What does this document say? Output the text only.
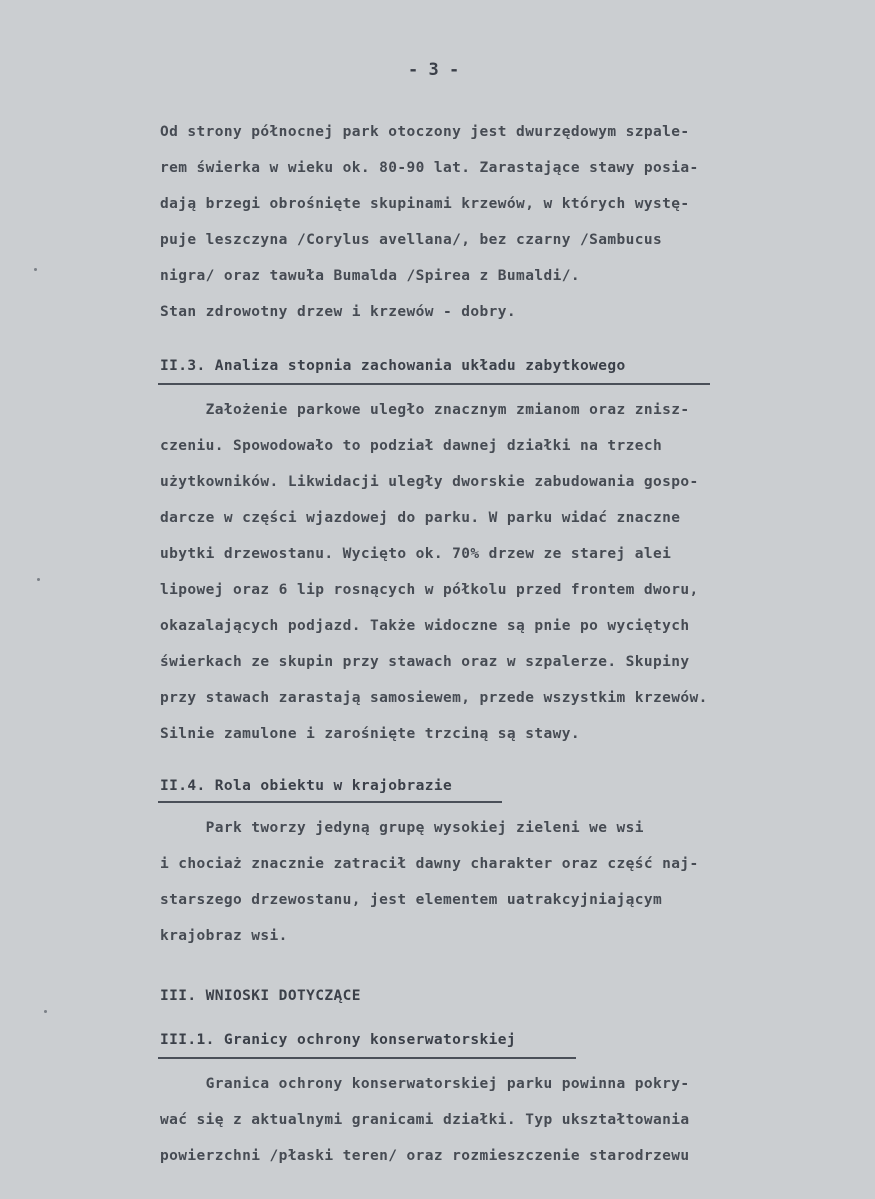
- 3 -
Od strony północnej park otoczony jest dwurzędowym szpale-
rem świerka w wieku ok. 80-90 lat. Zarastające stawy posia-
dają brzegi obrośnięte skupinami krzewów, w których wystę-
puje leszczyna /Corylus avellana/, bez czarny /Sambucus
nigra/ oraz tawuła Bumalda /Spirea z Bumaldi/.
Stan zdrowotny drzew i krzewów - dobry.
II.3. Analiza stopnia zachowania układu zabytkowego
Założenie parkowe uległo znacznym zmianom oraz znisz-
czeniu. Spowodowało to podział dawnej działki na trzech
użytkowników. Likwidacji uległy dworskie zabudowania gospo-
darcze w części wjazdowej do parku. W parku widać znaczne
ubytki drzewostanu. Wycięto ok. 70% drzew ze starej alei
lipowej oraz 6 lip rosnących w półkolu przed frontem dworu,
okazalających podjazd. Także widoczne są pnie po wyciętych
świerkach ze skupin przy stawach oraz w szpalerze. Skupiny
przy stawach zarastają samosiewem, przede wszystkim krzewów.
Silnie zamulone i zarośnięte trzciną są stawy.
II.4. Rola obiektu w krajobrazie
Park tworzy jedyną grupę wysokiej zieleni we wsi
i chociaż znacznie zatracił dawny charakter oraz część naj-
starszego drzewostanu, jest elementem uatrakcyjniającym
krajobraz wsi.
III. WNIOSKI DOTYCZĄCE
III.1. Granicy ochrony konserwatorskiej
Granica ochrony konserwatorskiej parku powinna pokry-
wać się z aktualnymi granicami działki. Typ ukształtowania
powierzchni /płaski teren/ oraz rozmieszczenie starodrzewu
